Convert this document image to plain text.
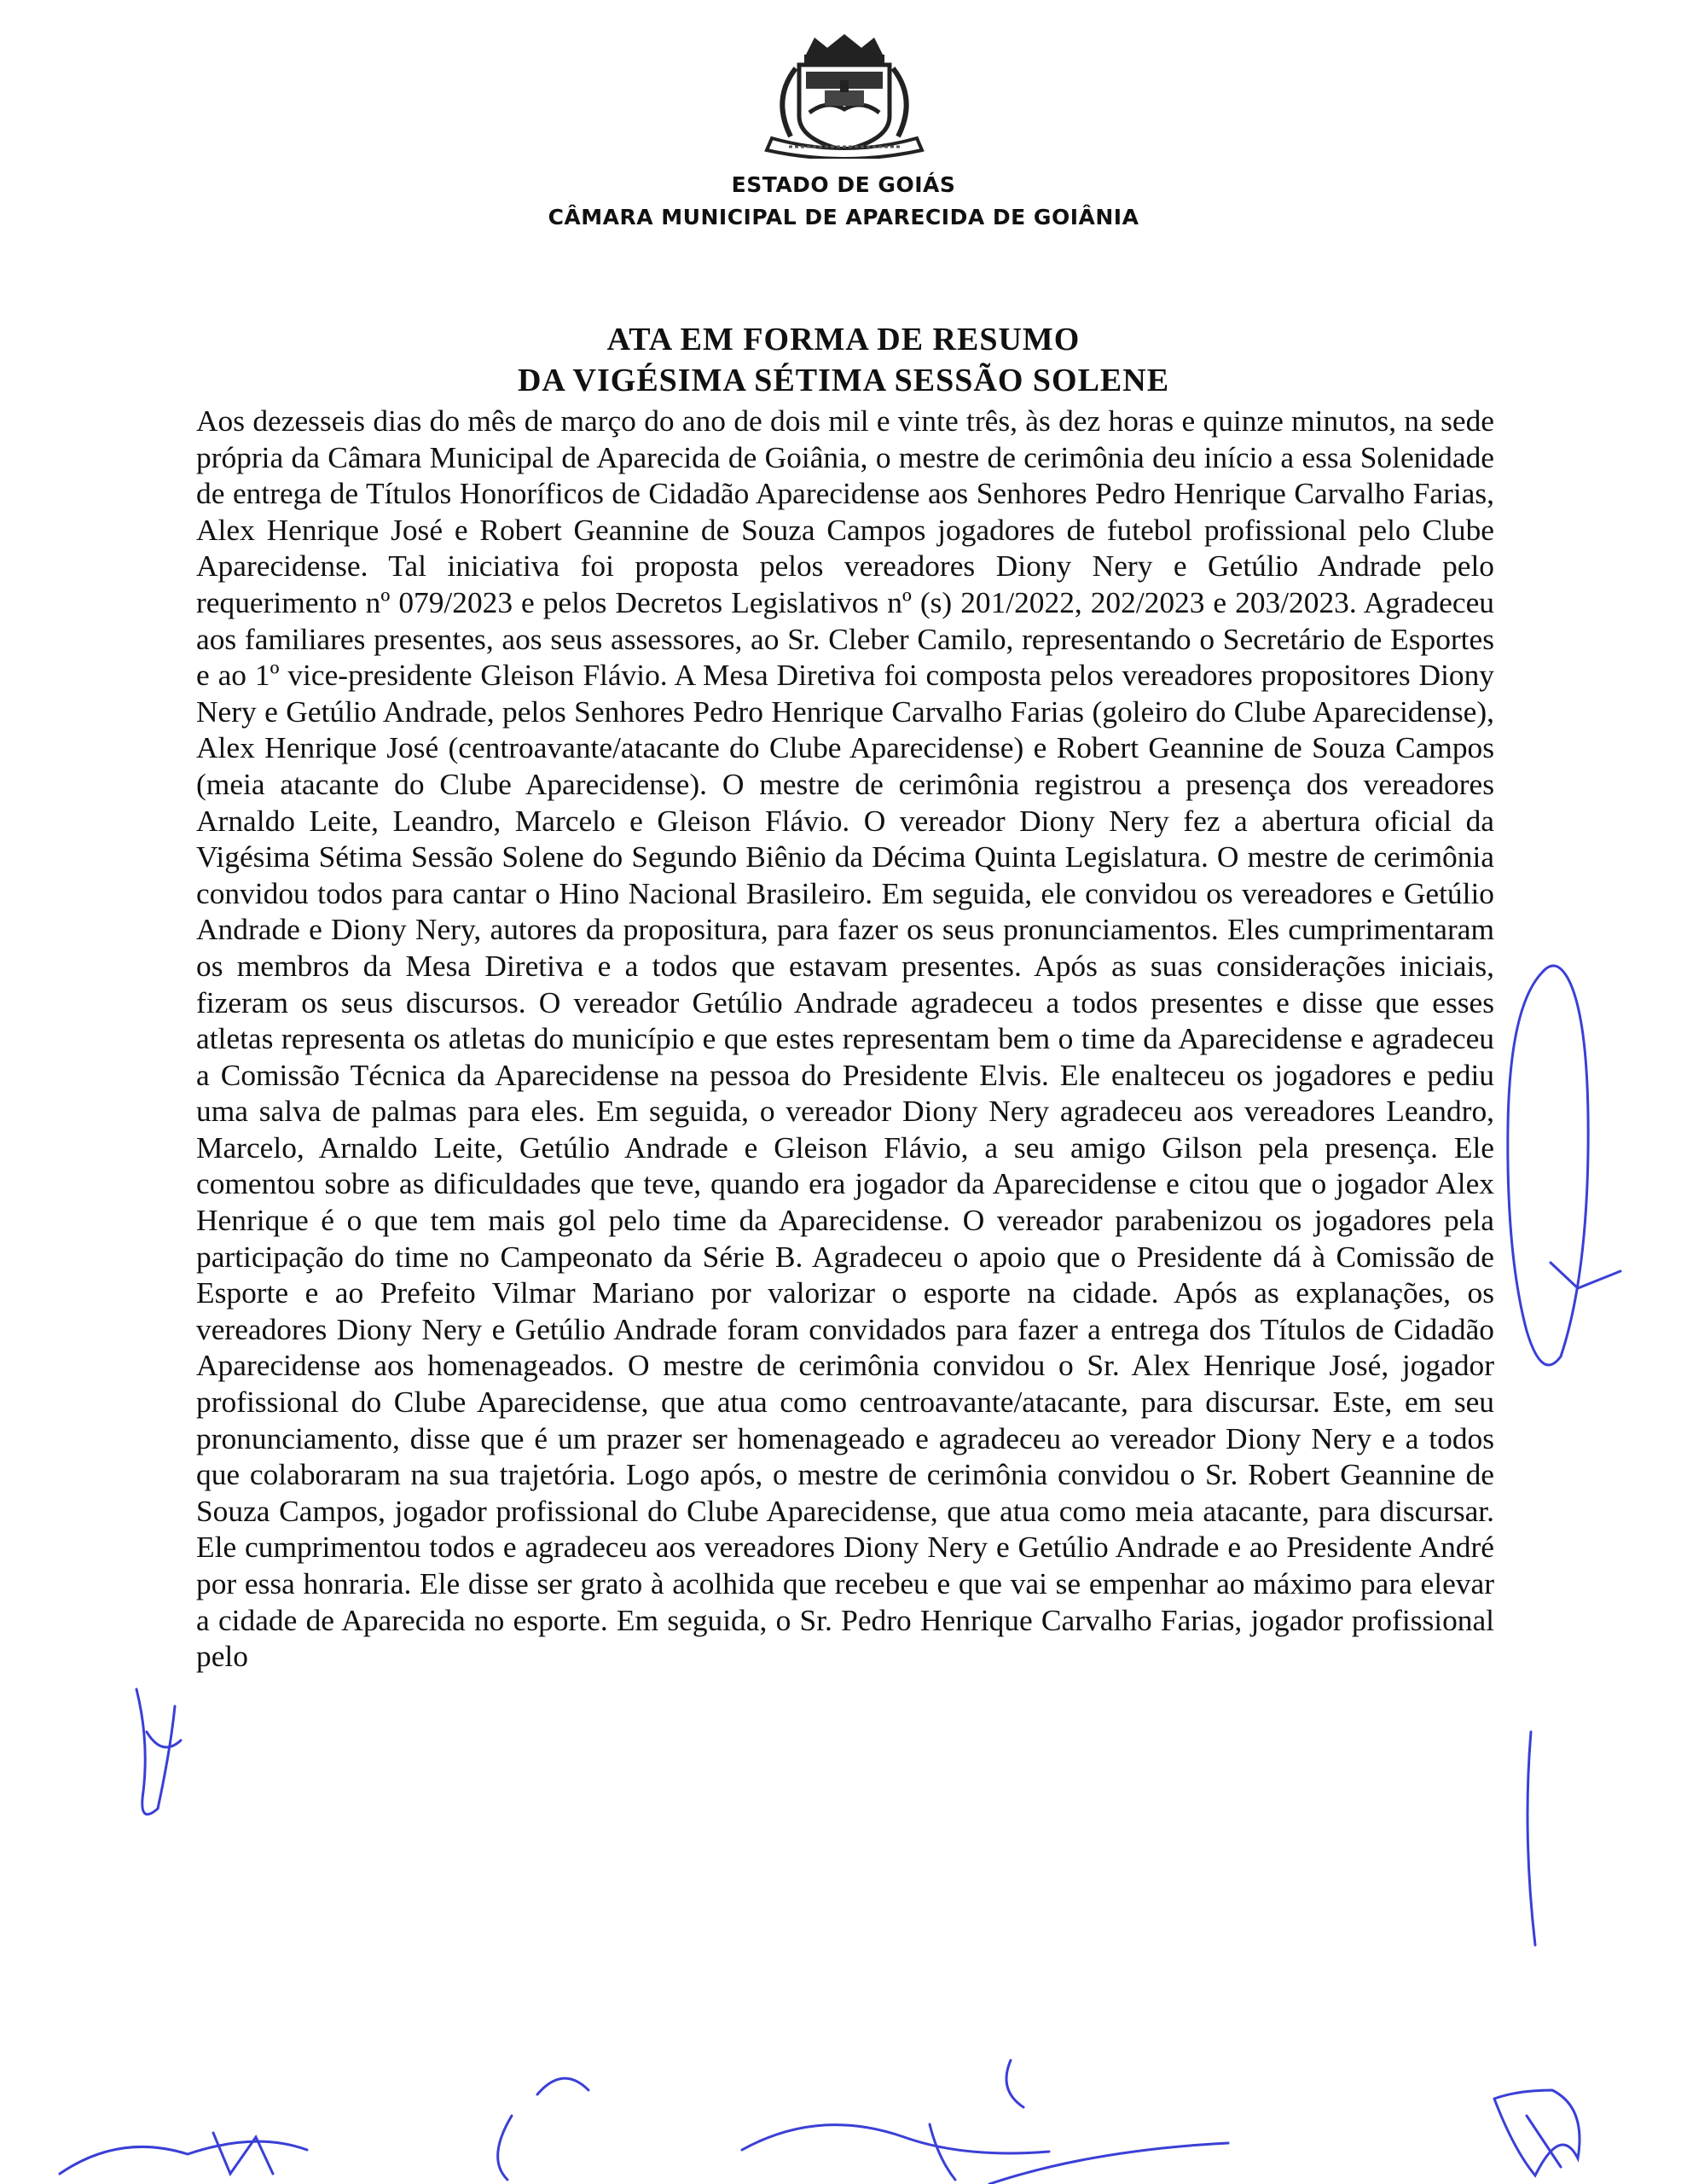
ESTADO DE GOIÁS
CÂMARA MUNICIPAL DE APARECIDA DE GOIÂNIA
ATA EM FORMA DE RESUMO
DA VIGÉSIMA SÉTIMA SESSÃO SOLENE

Aos dezesseis dias do mês de março do ano de dois mil e vinte três, às dez horas e quinze minutos, na sede própria da Câmara Municipal de Aparecida de Goiânia, o mestre de cerimônia deu início a essa Solenidade de entrega de Títulos Honoríficos de Cidadão Aparecidense aos Senhores Pedro Henrique Carvalho Farias, Alex Henrique José e Robert Geannine de Souza Campos jogadores de futebol profissional pelo Clube Aparecidense. Tal iniciativa foi proposta pelos vereadores Diony Nery e Getúlio Andrade pelo requerimento nº 079/2023 e pelos Decretos Legislativos nº (s) 201/2022, 202/2023 e 203/2023. Agradeceu aos familiares presentes, aos seus assessores, ao Sr. Cleber Camilo, representando o Secretário de Esportes e ao 1º vice-presidente Gleison Flávio. A Mesa Diretiva foi composta pelos vereadores propositores Diony Nery e Getúlio Andrade, pelos Senhores Pedro Henrique Carvalho Farias (goleiro do Clube Aparecidense), Alex Henrique José (centroavante/atacante do Clube Aparecidense) e Robert Geannine de Souza Campos (meia atacante do Clube Aparecidense). O mestre de cerimônia registrou a presença dos vereadores Arnaldo Leite, Leandro, Marcelo e Gleison Flávio. O vereador Diony Nery fez a abertura oficial da Vigésima Sétima Sessão Solene do Segundo Biênio da Décima Quinta Legislatura. O mestre de cerimônia convidou todos para cantar o Hino Nacional Brasileiro. Em seguida, ele convidou os vereadores e Getúlio Andrade e Diony Nery, autores da propositura, para fazer os seus pronunciamentos. Eles cumprimentaram os membros da Mesa Diretiva e a todos que estavam presentes. Após as suas considerações iniciais, fizeram os seus discursos. O vereador Getúlio Andrade agradeceu a todos presentes e disse que esses atletas representa os atletas do município e que estes representam bem o time da Aparecidense e agradeceu a Comissão Técnica da Aparecidense na pessoa do Presidente Elvis. Ele enalteceu os jogadores e pediu uma salva de palmas para eles. Em seguida, o vereador Diony Nery agradeceu aos vereadores Leandro, Marcelo, Arnaldo Leite, Getúlio Andrade e Gleison Flávio, a seu amigo Gilson pela presença. Ele comentou sobre as dificuldades que teve, quando era jogador da Aparecidense e citou que o jogador Alex Henrique é o que tem mais gol pelo time da Aparecidense. O vereador parabenizou os jogadores pela participação do time no Campeonato da Série B. Agradeceu o apoio que o Presidente dá à Comissão de Esporte e ao Prefeito Vilmar Mariano por valorizar o esporte na cidade. Após as explanações, os vereadores Diony Nery e Getúlio Andrade foram convidados para fazer a entrega dos Títulos de Cidadão Aparecidense aos homenageados. O mestre de cerimônia convidou o Sr. Alex Henrique José, jogador profissional do Clube Aparecidense, que atua como centroavante/atacante, para discursar. Este, em seu pronunciamento, disse que é um prazer ser homenageado e agradeceu ao vereador Diony Nery e a todos que colaboraram na sua trajetória. Logo após, o mestre de cerimônia convidou o Sr. Robert Geannine de Souza Campos, jogador profissional do Clube Aparecidense, que atua como meia atacante, para discursar. Ele cumprimentou todos e agradeceu aos vereadores Diony Nery e Getúlio Andrade e ao Presidente André por essa honraria. Ele disse ser grato à acolhida que recebeu e que vai se empenhar ao máximo para elevar a cidade de Aparecida no esporte. Em seguida, o Sr. Pedro Henrique Carvalho Farias, jogador profissional pelo
